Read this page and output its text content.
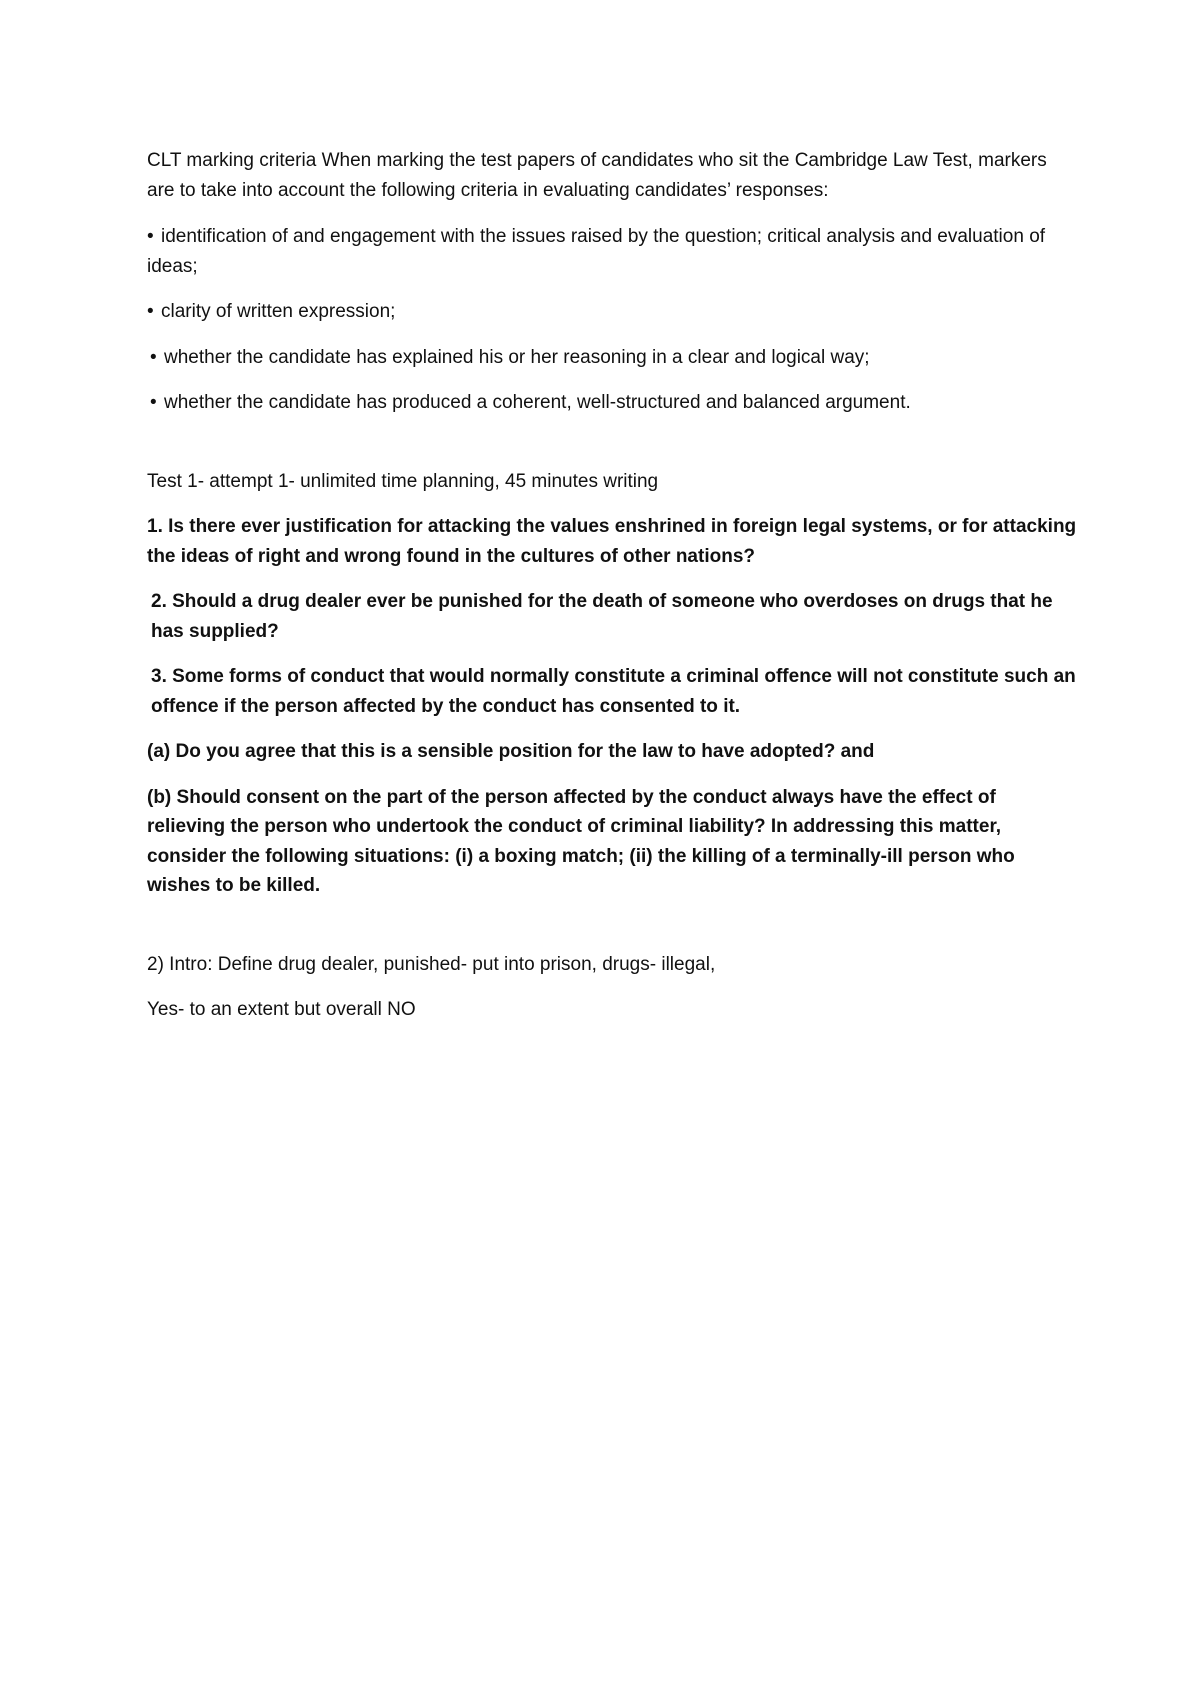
CLT marking criteria When marking the test papers of candidates who sit the Cambridge Law Test, markers are to take into account the following criteria in evaluating candidates’ responses:

• identification of and engagement with the issues raised by the question; critical analysis and evaluation of ideas;

• clarity of written expression;

• whether the candidate has explained his or her reasoning in a clear and logical way;

• whether the candidate has produced a coherent, well-structured and balanced argument.

Test 1- attempt 1- unlimited time planning, 45 minutes writing

1. Is there ever justification for attacking the values enshrined in foreign legal systems, or for attacking the ideas of right and wrong found in the cultures of other nations?

2. Should a drug dealer ever be punished for the death of someone who overdoses on drugs that he has supplied?

3. Some forms of conduct that would normally constitute a criminal offence will not constitute such an offence if the person affected by the conduct has consented to it.

(a) Do you agree that this is a sensible position for the law to have adopted? and

(b) Should consent on the part of the person affected by the conduct always have the effect of relieving the person who undertook the conduct of criminal liability? In addressing this matter, consider the following situations: (i) a boxing match; (ii) the killing of a terminally-ill person who wishes to be killed.

2) Intro: Define drug dealer, punished- put into prison, drugs- illegal,

Yes- to an extent but overall NO
